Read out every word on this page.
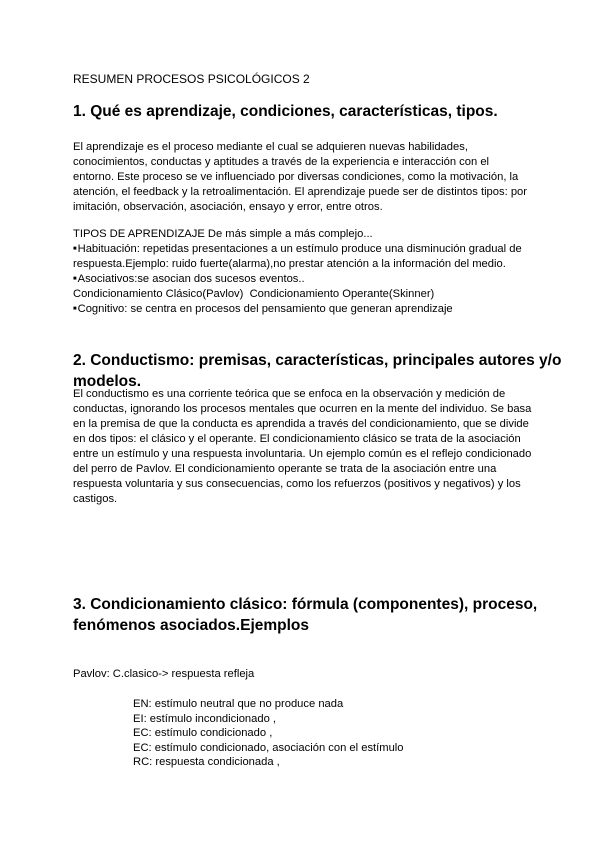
RESUMEN PROCESOS PSICOLÓGICOS 2

1. Qué es aprendizaje, condiciones, características, tipos.
El aprendizaje es el proceso mediante el cual se adquieren nuevas habilidades,
conocimientos, conductas y aptitudes a través de la experiencia e interacción con el
entorno. Este proceso se ve influenciado por diversas condiciones, como la motivación, la
atención, el feedback y la retroalimentación. El aprendizaje puede ser de distintos tipos: por
imitación, observación, asociación, ensayo y error, entre otros.
TIPOS DE APRENDIZAJE De más simple a más complejo...
■Habituación: repetidas presentaciones a un estímulo produce una disminución gradual de
respuesta.Ejemplo: ruido fuerte(alarma),no prestar atención a la información del medio.
■Asociativos:se asocian dos sucesos eventos..
Condicionamiento Clásico(Pavlov)  Condicionamiento Operante(Skinner)
■Cognitivo: se centra en procesos del pensamiento que generan aprendizaje
2. Conductismo: premisas, características, principales autores y/o
modelos.
El conductismo es una corriente teórica que se enfoca en la observación y medición de
conductas, ignorando los procesos mentales que ocurren en la mente del individuo. Se basa
en la premisa de que la conducta es aprendida a través del condicionamiento, que se divide
en dos tipos: el clásico y el operante. El condicionamiento clásico se trata de la asociación
entre un estímulo y una respuesta involuntaria. Un ejemplo común es el reflejo condicionado
del perro de Pavlov. El condicionamiento operante se trata de la asociación entre una
respuesta voluntaria y sus consecuencias, como los refuerzos (positivos y negativos) y los
castigos.
3. Condicionamiento clásico: fórmula (componentes), proceso,
fenómenos asociados.Ejemplos
Pavlov: C.clasico-> respuesta refleja
EN: estímulo neutral que no produce nada
EI: estímulo incondicionado ,
EC: estímulo condicionado ,
EC: estímulo condicionado, asociación con el estímulo
RC: respuesta condicionada ,
